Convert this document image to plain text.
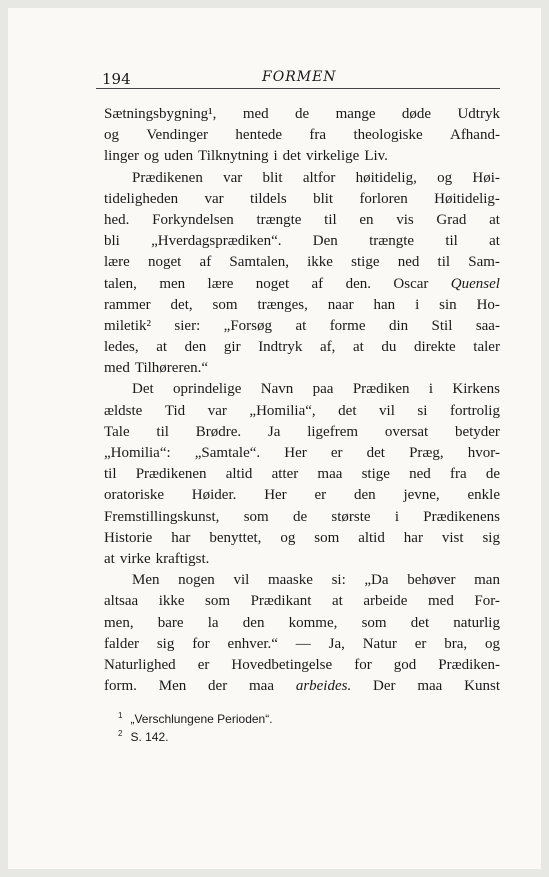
194	FORMEN
Sætningsbygning¹, med de mange døde Udtryk
og Vendinger hentede fra theologiske Afhand-
linger og uden Tilknytning i det virkelige Liv.
Prædikenen var blit altfor høitidelig, og Høi-
tideligheden var tildels blit forloren Høitidelig-
hed. Forkyndelsen trængte til en vis Grad at
bli „Hverdagsprædiken“. Den trængte til at
lære noget af Samtalen, ikke stige ned til Sam-
talen, men lære noget af den. Oscar Quensel
rammer det, som trænges, naar han i sin Ho-
miletik² sier: „Forsøg at forme din Stil saa-
ledes, at den gir Indtryk af, at du direkte taler
med Tilhøreren.“
Det oprindelige Navn paa Prædiken i Kirkens
ældste Tid var „Homilia“, det vil si fortrolig
Tale til Brødre. Ja ligefrem oversat betyder
„Homilia“: „Samtale“. Her er det Præg, hvor-
til Prædikenen altid atter maa stige ned fra de
oratoriske Høider. Her er den jevne, enkle
Fremstillingskunst, som de største i Prædikenens
Historie har benyttet, og som altid har vist sig
at virke kraftigst.
Men nogen vil maaske si: „Da behøver man
altsaa ikke som Prædikant at arbeide med For-
men, bare la den komme, som det naturlig
falder sig for enhver.“ — Ja, Natur er bra, og
Naturlighed er Hovedbetingelse for god Prædiken-
form. Men der maa arbeides. Der maa Kunst
1 „Verschlungene Perioden“.
2 S. 142.
